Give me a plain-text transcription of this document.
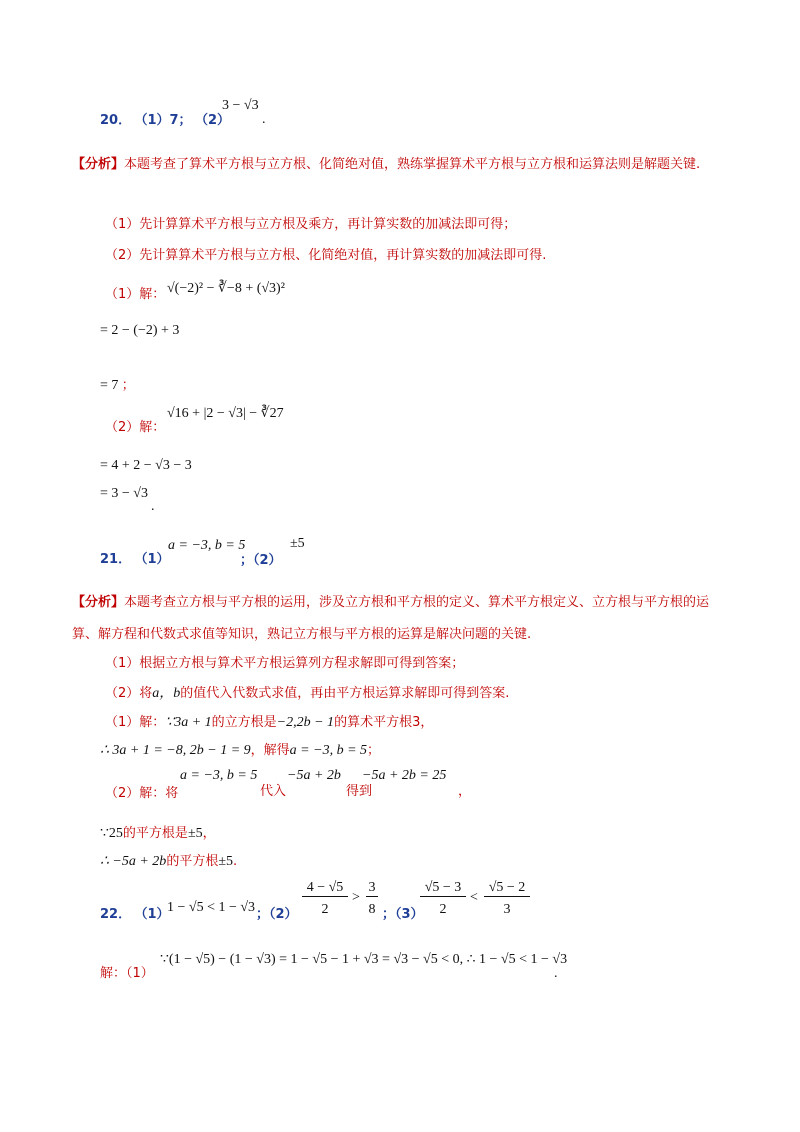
20． （1）7； （2）
3 − √3
.
【分析】本题考查了算术平方根与立方根、化简绝对值，熟练掌握算术平方根与立方根和运算法则是解题关键.
（1）先计算算术平方根与立方根及乘方，再计算实数的加减法即可得；
（2）先计算算术平方根与立方根、化简绝对值，再计算实数的加减法即可得.
（1）解： √(−2)² − ∛−8 + (√3)²
= 2 − (−2) + 3
= 7 ；
（2）解：
√16 + |2 − √3| − ∛27
= 4 + 2 − √3 − 3
= 3 − √3
.
21． （1）
a = −3, b = 5
；（2）
±5
【分析】本题考查立方根与平方根的运用，涉及立方根和平方根的定义、算术平方根定义、立方根与平方根的运算、解方程和代数式求值等知识，熟记立方根与平方根的运算是解决问题的关键.
（1）根据立方根与算术平方根运算列方程求解即可得到答案；
（2）将a，b的值代入代数式求值，再由平方根运算求解即可得到答案.
（1）解：∵3a + 1的立方根是−2,2b − 1的算术平方根3，
∴ 3a + 1 = −8, 2b − 1 = 9，解得a = −3, b = 5；
（2）解：将
a = −3, b = 5
代入
−5a + 2b
得到
−5a + 2b = 25
，
∵25的平方根是±5，
∴ −5a + 2b的平方根±5.
22． （1）
1 − √5 < 1 − √3 ；（2）
4 − √5
2
>
3
8 ；（3）
√5 − 3
2
<
√5 − 2
3
解：（1）
∵(1 − √5) − (1 − √3) = 1 − √5 − 1 + √3 = √3 − √5 < 0, ∴ 1 − √5 < 1 − √3
.
